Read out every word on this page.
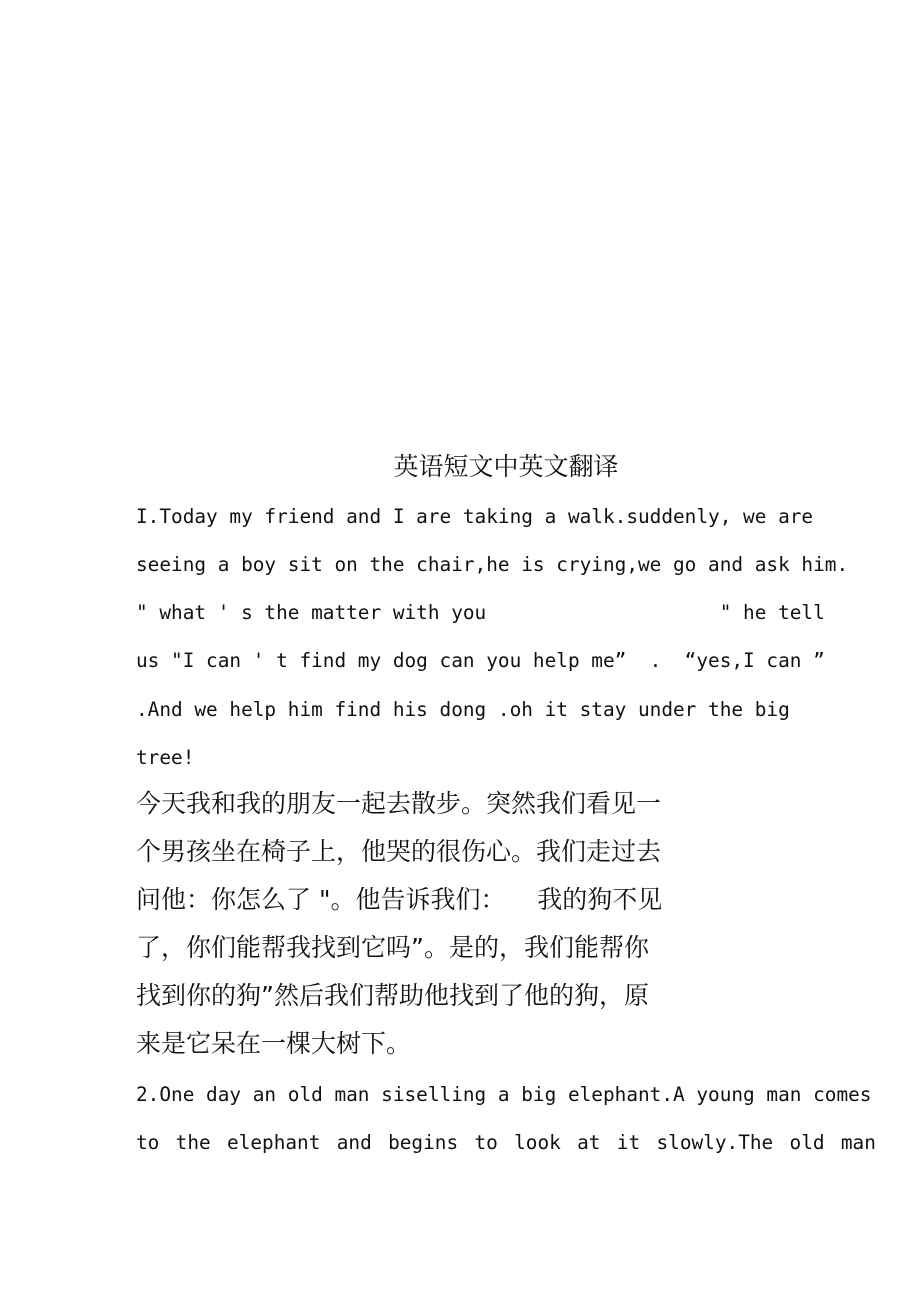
英语短文中英文翻译

I.Today my friend and I are taking a walk.suddenly, we are

seeing a boy sit on the chair,he is crying,we go and ask him.

" what ' s the matter with you                    " he tell

us "I can ' t find my dog can you help me”  .  “yes,I can ”

.And we help him find his dong .oh it stay under the big

tree!

今天我和我的朋友一起去散步。突然我们看见一

个男孩坐在椅子上，他哭的很伤心。我们走过去

问他：你怎么了 "。他告诉我们：    我的狗不见

了，你们能帮我找到它吗”。是的，我们能帮你

找到你的狗”然后我们帮助他找到了他的狗，原

来是它呆在一棵大树下。

2.One day an old man siselling a big elephant.A young man comes

to the elephant and begins to look at it slowly.The old man
